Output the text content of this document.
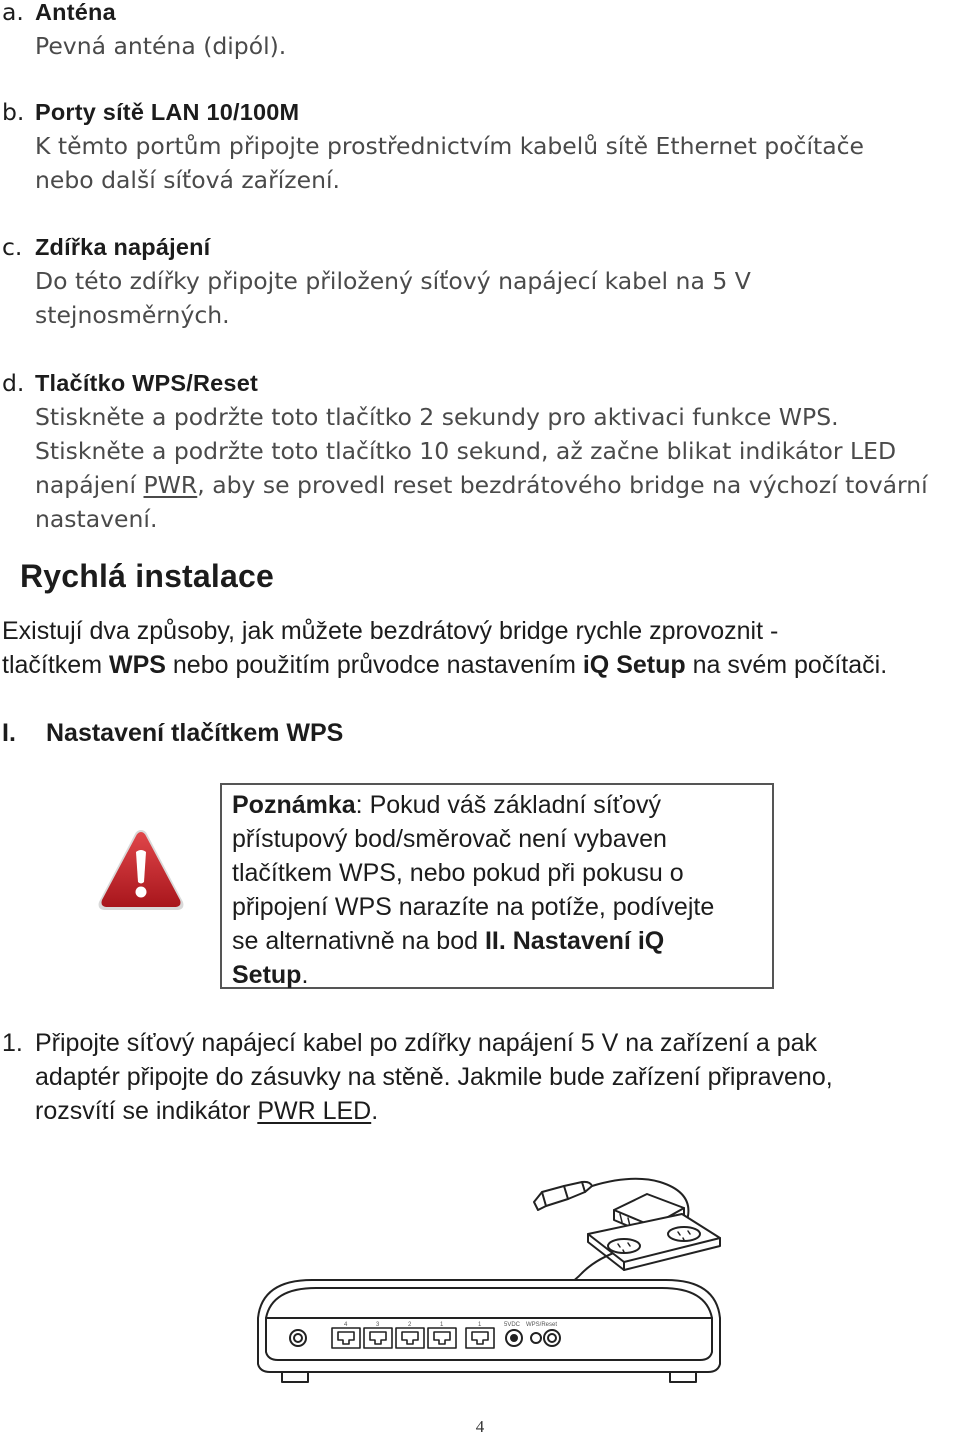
a. Anténa
Pevná anténa (dipól).
b. Porty sítě LAN 10/100M
K těmto portům připojte prostřednictvím kabelů sítě Ethernet počítače
nebo další síťová zařízení.
c. Zdířka napájení
Do této zdířky připojte přiložený síťový napájecí kabel na 5 V
stejnosměrných.
d. Tlačítko WPS/Reset
Stiskněte a podržte toto tlačítko 2 sekundy pro aktivaci funkce WPS.
Stiskněte a podržte toto tlačítko 10 sekund, až začne blikat indikátor LED
napájení PWR, aby se provedl reset bezdrátového bridge na výchozí tovární
nastavení.
Rychlá instalace
Existují dva způsoby, jak můžete bezdrátový bridge rychle zprovoznit -
tlačítkem WPS nebo použitím průvodce nastavením iQ Setup na svém počítači.
I. Nastavení tlačítkem WPS
Poznámka: Pokud váš základní síťový
přístupový bod/směrovač není vybaven
tlačítkem WPS, nebo pokud při pokusu o
připojení WPS narazíte na potíže, podívejte
se alternativně na bod II. Nastavení iQ
Setup.
1. Připojte síťový napájecí kabel po zdířky napájení 5 V na zařízení a pak
adaptér připojte do zásuvky na stěně. Jakmile bude zařízení připraveno,
rozsvítí se indikátor PWR LED.
4	3	2	1	1	5VDC WPS/Reset
4
